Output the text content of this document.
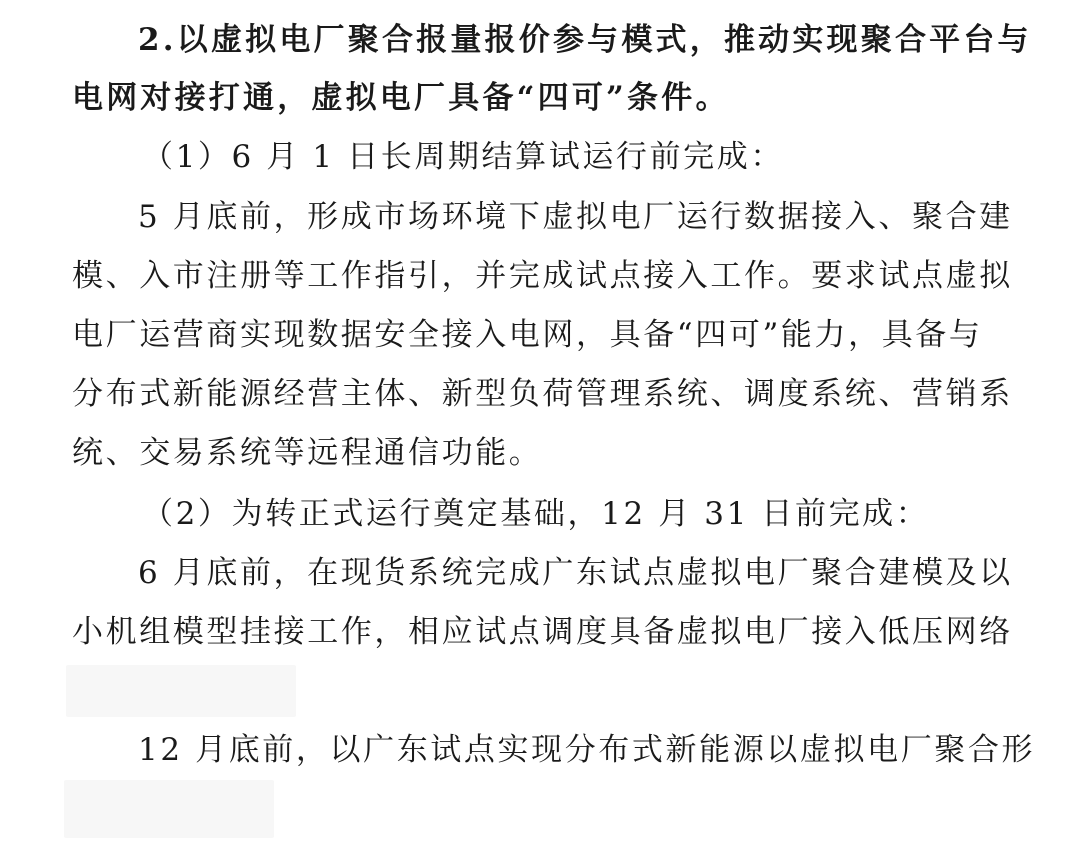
2.以虚拟电厂聚合报量报价参与模式，推动实现聚合平台与
电网对接打通，虚拟电厂具备“四可”条件。
（1）6 月 1 日长周期结算试运行前完成：
5 月底前，形成市场环境下虚拟电厂运行数据接入、聚合建
模、入市注册等工作指引，并完成试点接入工作。要求试点虚拟
电厂运营商实现数据安全接入电网，具备“四可”能力，具备与
分布式新能源经营主体、新型负荷管理系统、调度系统、营销系
统、交易系统等远程通信功能。
（2）为转正式运行奠定基础，12 月 31 日前完成：
6 月底前，在现货系统完成广东试点虚拟电厂聚合建模及以
小机组模型挂接工作，相应试点调度具备虚拟电厂接入低压网络
12 月底前，以广东试点实现分布式新能源以虚拟电厂聚合形
